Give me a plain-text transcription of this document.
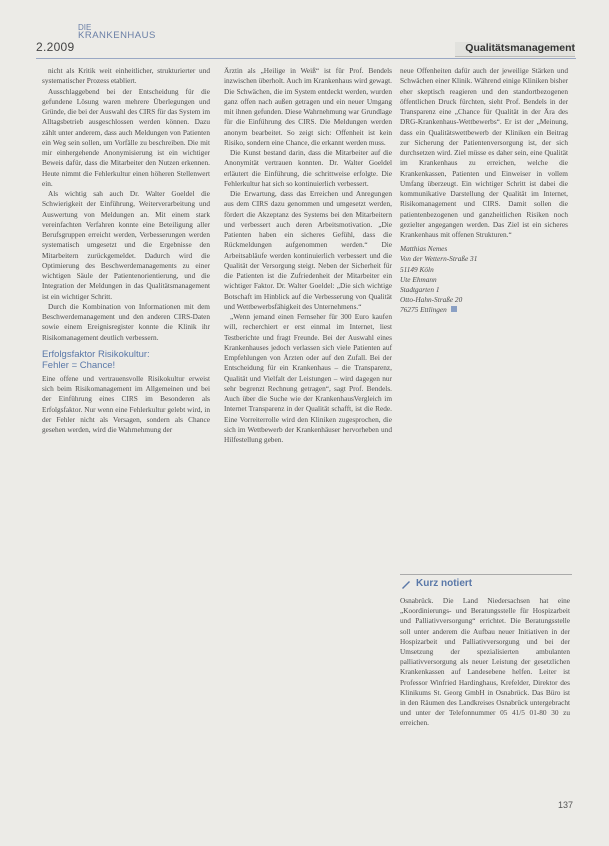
DIE
KRANKENHAUS
2.2009	Qualitätsmanagement

nicht als Kritik weit einheitlicher, strukturierter und systematischer Prozess etabliert.

Ausschlaggebend bei der Entscheidung für die gefundene Lösung waren mehrere Überlegungen und Gründe, die bei der Auswahl des CIRS für das System im Alltagsbetrieb ausgeschlossen werden können. Dazu zählt unter anderem, dass auch Meldungen von Patienten ein Weg sein sollen, um Vorfälle zu beschreiben. Die mit mir einhergehende Anonymisierung ist ein wichtiger Beweis dafür, dass die Mitarbeiter den Nutzen erkennen. Heute nimmt die Fehlerkultur einen höheren Stellenwert ein.

Als wichtig sah auch Dr. Walter Goeldel die Schwierigkeit der Einführung, Weiterverarbeitung und Auswertung von Meldungen an. Mit einem stark vereinfachten Verfahren konnte eine Beteiligung aller Berufsgruppen erreicht werden, Verbesserungen werden systematisch umgesetzt und die Ergebnisse den Mitarbeitern zurückgemeldet. Dadurch wird die Optimierung des Beschwerdemanagements zu einer wichtigen Säule der Patientenorientierung, und die Integration der Meldungen in das Qualitätsmanagement ist ein wichtiger Schritt.

Durch die Kombination von Informationen mit dem Beschwerdemanagement und den anderen CIRS-Daten sowie einem Ereignisregister konnte die Klinik ihr Risikomanagement deutlich verbessern.

Erfolgsfaktor Risikokultur:
Fehler = Chance!

Eine offene und vertrauensvolle Risikokultur erweist sich beim Risikomanagement im Allgemeinen und bei der Einführung eines CIRS im Besonderen als Erfolgsfaktor. Nur wenn eine Fehlerkultur gelebt wird, in der Fehler nicht als Versagen, sondern als Chance gesehen werden, wird die Wahrnehmung der

Ärztin als „Heilige in Weiß“ ist für Prof. Bendels inzwischen überholt. Auch im Krankenhaus wird gewagt. Die Schwächen, die im System entdeckt werden, wurden ganz offen nach außen getragen und ein neuer Umgang mit ihnen gefunden. Diese Wahrnehmung war Grundlage für die Einführung des CIRS. Die Meldungen werden anonym bearbeitet. So zeigt sich: Offenheit ist kein Risiko, sondern eine Chance, die erkannt werden muss.

Die Kunst bestand darin, dass die Mitarbeiter auf die Anonymität vertrauen konnten. Dr. Walter Goeldel erläutert die Einführung, die schrittweise erfolgte. Die Fehlerkultur hat sich so kontinuierlich verbessert.

Die Erwartung, dass das Erreichen und Anregungen aus dem CIRS dazu genommen und umgesetzt werden, fördert die Akzeptanz des Systems bei den Mitarbeitern und verbessert auch deren Arbeitsmotivation. „Die Patienten haben ein sicheres Gefühl, dass die Rückmeldungen aufgenommen werden.“ Die Arbeitsabläufe werden kontinuierlich verbessert und die Qualität der Versorgung steigt. Neben der Sicherheit für die Patienten ist die Zufriedenheit der Mitarbeiter ein wichtiger Faktor. Dr. Walter Goeldel: „Die sich wichtige Botschaft im Hinblick auf die Verbesserung von Qualität und Wettbewerbsfähigkeit des Unternehmens.“

„Wenn jemand einen Fernseher für 300 Euro kaufen will, recherchiert er erst einmal im Internet, liest Testberichte und fragt Freunde. Bei der Auswahl eines Krankenhauses jedoch verlassen sich viele Patienten auf Empfehlungen von Ärzten oder auf den Zufall. Bei der Entscheidung für ein Krankenhaus – die Transparenz, Qualität und Vielfalt der Leistungen – wird dagegen nur sehr begrenzt Rechnung getragen“, sagt Prof. Bendels. Auch über die Suche wie der KrankenhausVergleich im Internet Transparenz in der Qualität schafft, ist die Rede. Eine Vorreiterrolle wird den Kliniken zugesprochen, die sich im Wettbewerb der Krankenhäuser hervorheben und Hilfestellung geben.

neue Offenheiten dafür auch der jeweilige Stärken und Schwächen einer Klinik. Während einige Kliniken bisher eher skeptisch reagieren und den standortbezogenen öffentlichen Druck fürchten, sieht Prof. Bendels in der Transparenz eine „Chance für Qualität in der Ära des DRG-Krankenhaus-Wettbewerbs“. Er ist der „Meinung, dass ein Qualitätswettbewerb der Kliniken ein Beitrag zur Sicherung der Patientenversorgung ist, der sich durchsetzen wird. Ziel müsse es daher sein, eine Qualität im Krankenhaus zu erreichen, welche die Krankenkassen, Patienten und Einweiser in vollem Umfang überzeugt. Ein wichtiger Schritt ist dabei die kommunikative Darstellung der Qualität im Internet, Risikomanagement und CIRS. Damit sollen die patientenbezogenen und ganzheitlichen Risiken noch gezielter angegangen werden. Das Ziel ist ein sicheres Krankenhaus mit offenen Strukturen.“

Matthias Nemes
Von der Wettern-Straße 31
51149 Köln
Ute Ehmann
Stadtgarten 1
Otto-Hahn-Straße 20
76275 Ettlingen
Kurz notiert

Osnabrück. Die Land Niedersachsen hat eine „Koordinierungs- und Beratungsstelle für Hospizarbeit und Palliativversorgung“ errichtet. Die Beratungsstelle soll unter anderem die Aufbau neuer Initiativen in der Hospizarbeit und Palliativversorgung und bei der Umsetzung der spezialisierten ambulanten palliativversorgung als neuer Leistung der gesetzlichen Krankenkassen auf Landesebene helfen. Leiter ist Professor Winfried Hardinghaus, Krefelder, Direktor des Klinikums St. Georg GmbH in Osnabrück. Das Büro ist in den Räumen des Landkreises Osnabrück untergebracht und unter der Telefonnummer 05 41/5 01-80 30 zu erreichen.

137
